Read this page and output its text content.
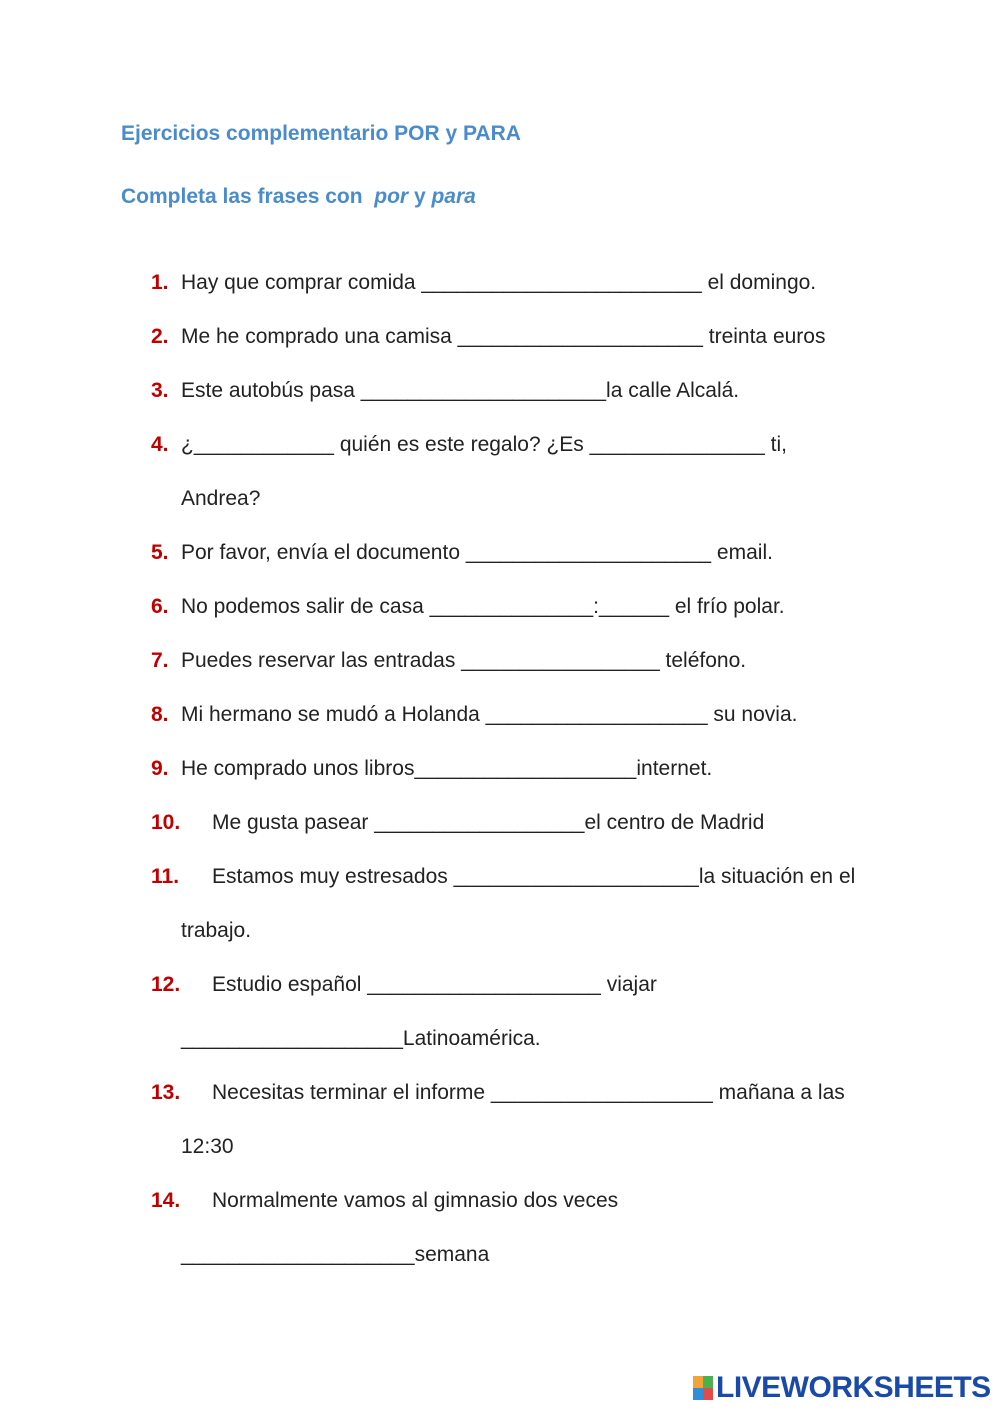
Ejercicios complementario POR y PARA
Completa las frases con por y para
1. Hay que comprar comida ________________________ el domingo.
2. Me he comprado una camisa _____________________ treinta euros
3. Este autobús pasa _____________________la calle Alcalá.
4. ¿____________ quién es este regalo? ¿Es _______________ ti,
Andrea?
5. Por favor, envía el documento _____________________ email.
6. No podemos salir de casa ______________:______ el frío polar.
7. Puedes reservar las entradas _________________ teléfono.
8. Mi hermano se mudó a Holanda ___________________ su novia.
9. He comprado unos libros___________________internet.
10. Me gusta pasear __________________el centro de Madrid
11. Estamos muy estresados _____________________la situación en el
trabajo.
12. Estudio español ____________________ viajar
___________________Latinoamérica.
13. Necesitas terminar el informe ___________________ mañana a las
12:30
14. Normalmente vamos al gimnasio dos veces
____________________semana
LIVEWORKSHEETS
